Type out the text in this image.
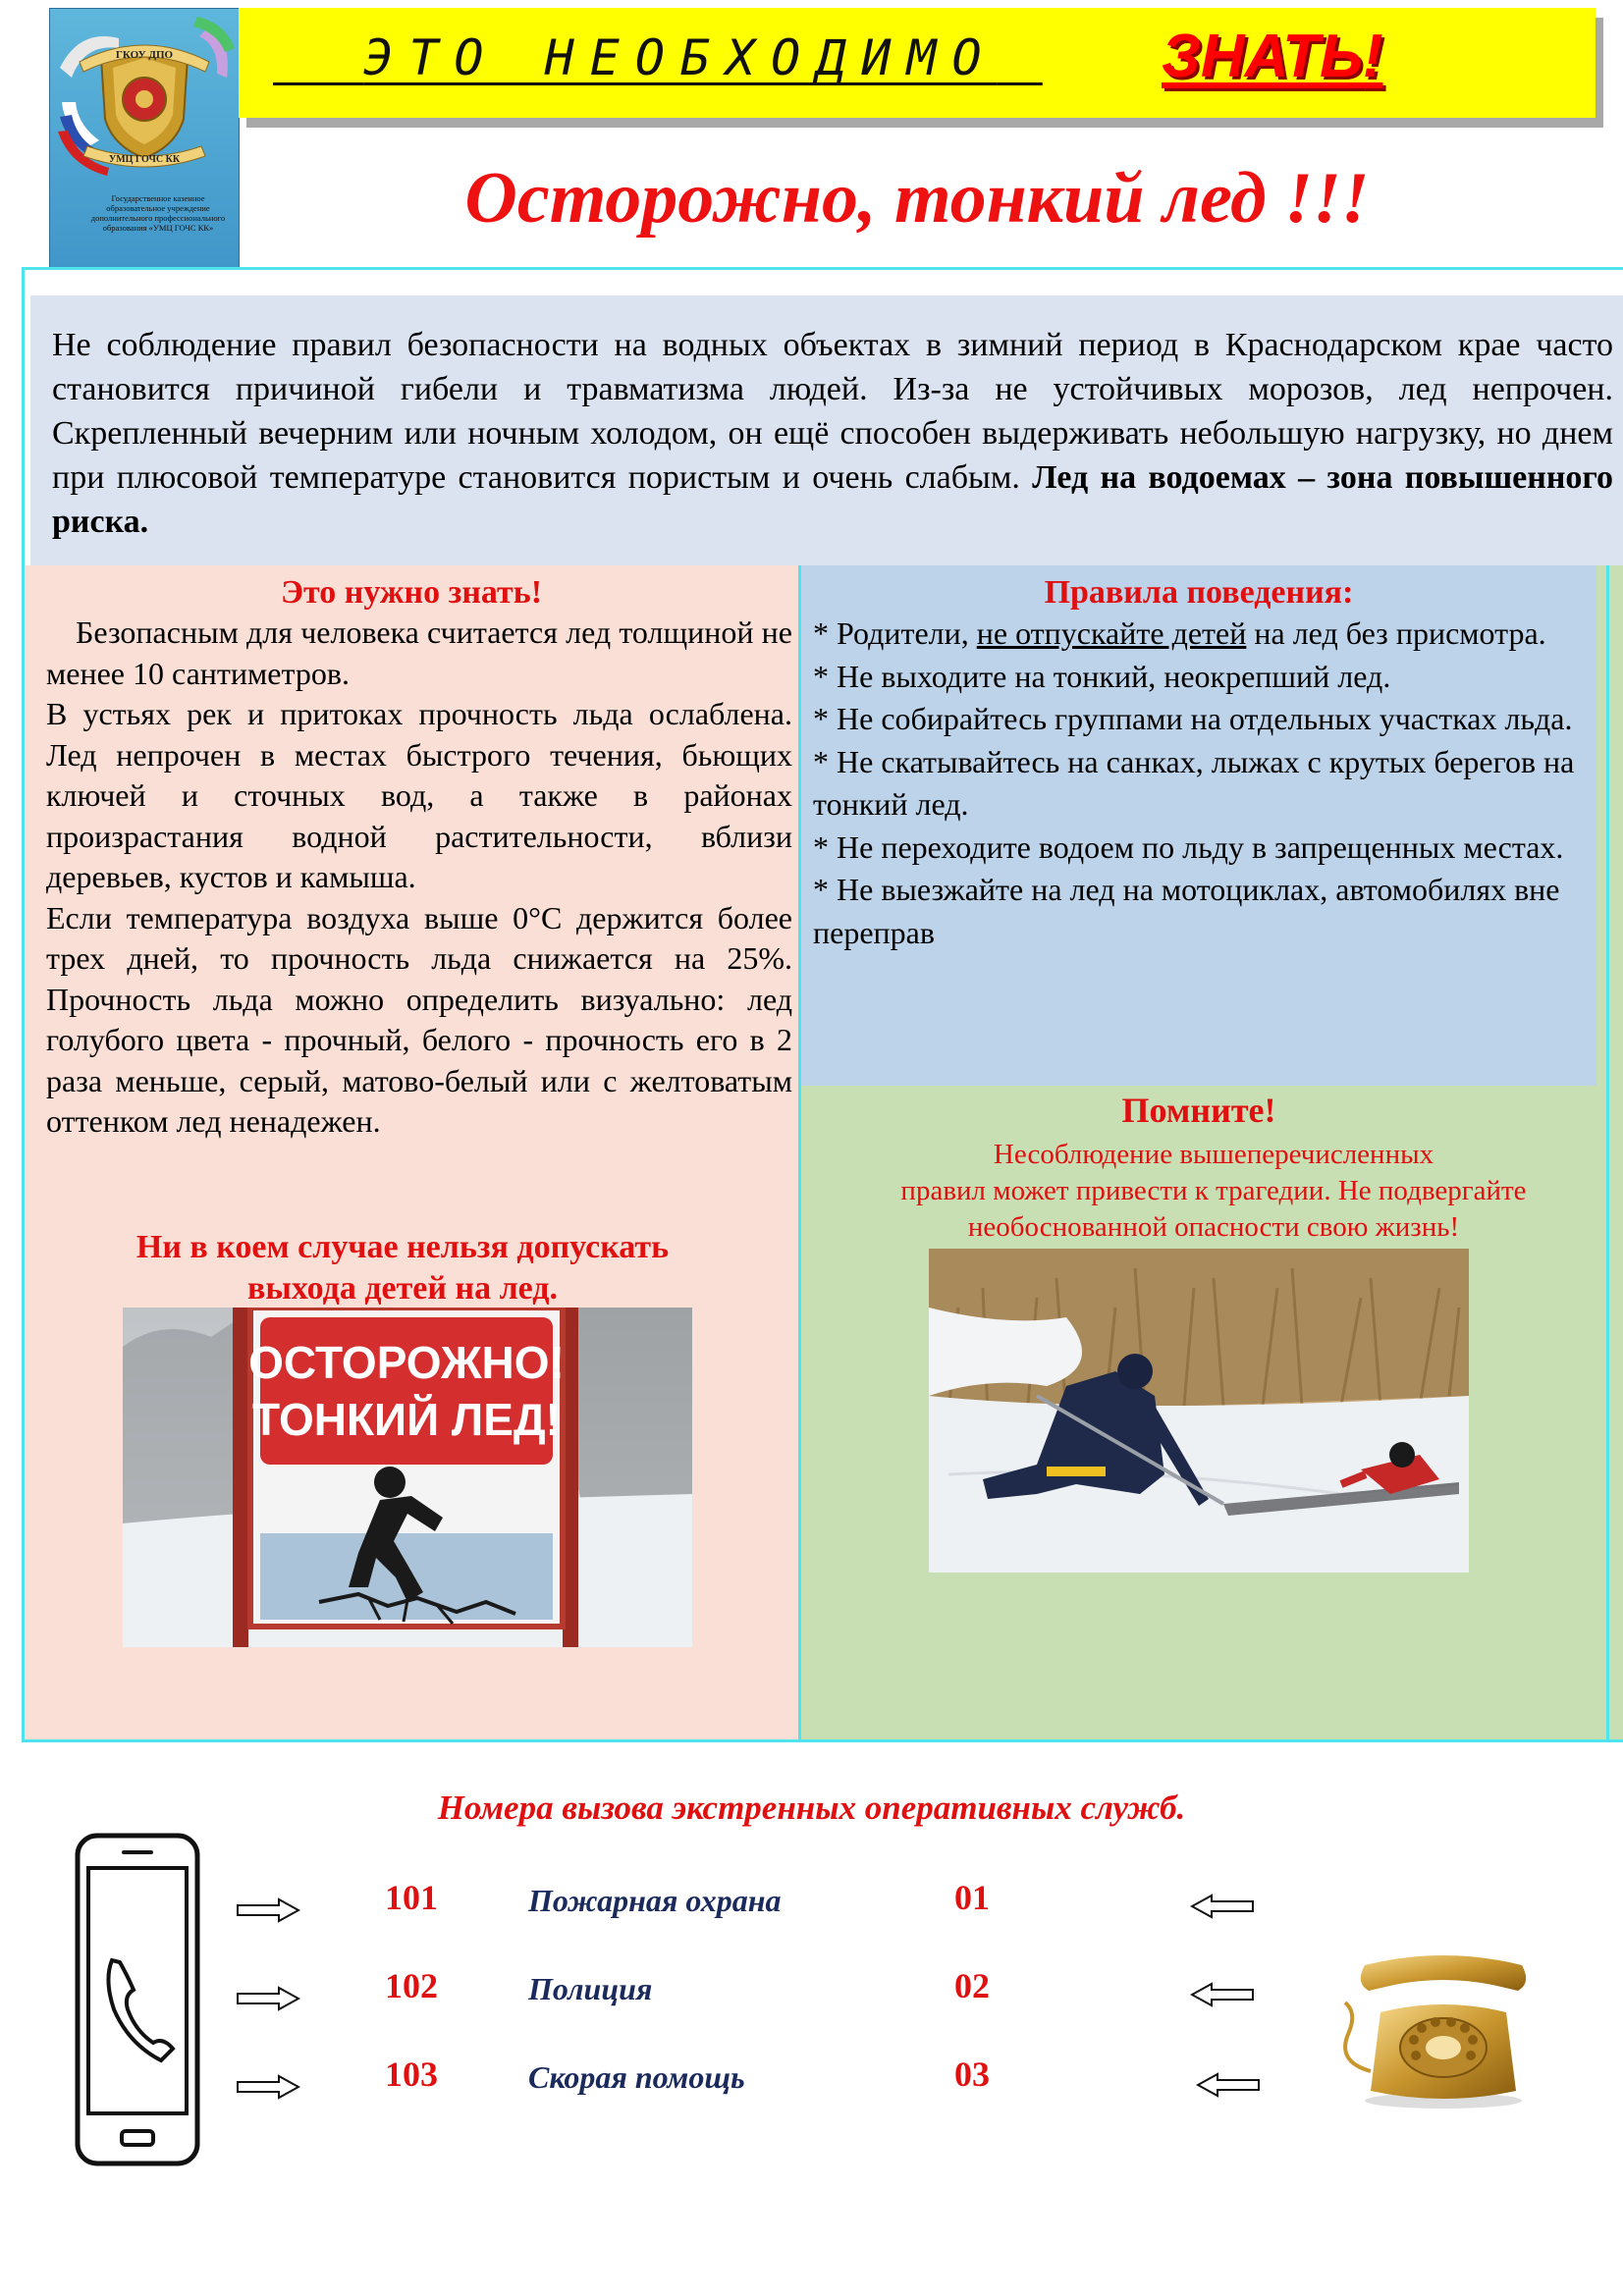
ГКОУ ДПО
УМЦ ГОЧС КК
Государственное казенное образовательное учреждение дополнительного профессионального образования «УМЦ ГОЧС КК»
ЭТО НЕОБХОДИМО	ЗНАТЬ!
Осторожно, тонкий лед !!!

Не соблюдение правил безопасности на водных объектах в зимний период в Краснодарском крае часто становится причиной гибели и травматизма людей. Из-за не устойчивых морозов, лед непрочен. Скрепленный вечерним или ночным холодом, он ещё способен выдерживать небольшую нагрузку, но днем при плюсовой температуре становится пористым и очень слабым. Лед на водоемах – зона повышенного риска.

Это нужно знать!

Безопасным для человека считается лед толщиной не менее 10 сантиметров.

В устьях рек и притоках прочность льда ослаблена. Лед непрочен в местах быстрого течения, бьющих ключей и сточных вод, а также в районах произрастания водной растительности, вблизи деревьев, кустов и камыша.

Если температура воздуха выше 0°С держится более трех дней, то прочность льда снижается на 25%. Прочность льда можно определить визуально: лед голубого цвета - прочный, белого - прочность его в 2 раза меньше, серый, матово-белый или с желтоватым оттенком лед ненадежен.

Ни в коем случае нельзя допускать
выхода детей на лед.
ОСТОРОЖНО!
ТОНКИЙ ЛЕД!
Правила поведения:
* Родители, не отпускайте детей на лед без присмотра.
* Не выходите на тонкий, неокрепший лед.
* Не собирайтесь группами на отдельных участках льда.
* Не скатывайтесь на санках, лыжах с крутых берегов на тонкий лед.
* Не переходите водоем по льду в запрещенных местах.
* Не выезжайте на лед на мотоциклах, автомобилях вне переправ
Помните!
Несоблюдение вышеперечисленных
правил может привести к трагедии. Не подвергайте
необоснованной опасности свою жизнь!
Номера вызова экстренных оперативных служб.
101	Пожарная охрана	01
102	Полиция	02
103	Скорая помощь	03
